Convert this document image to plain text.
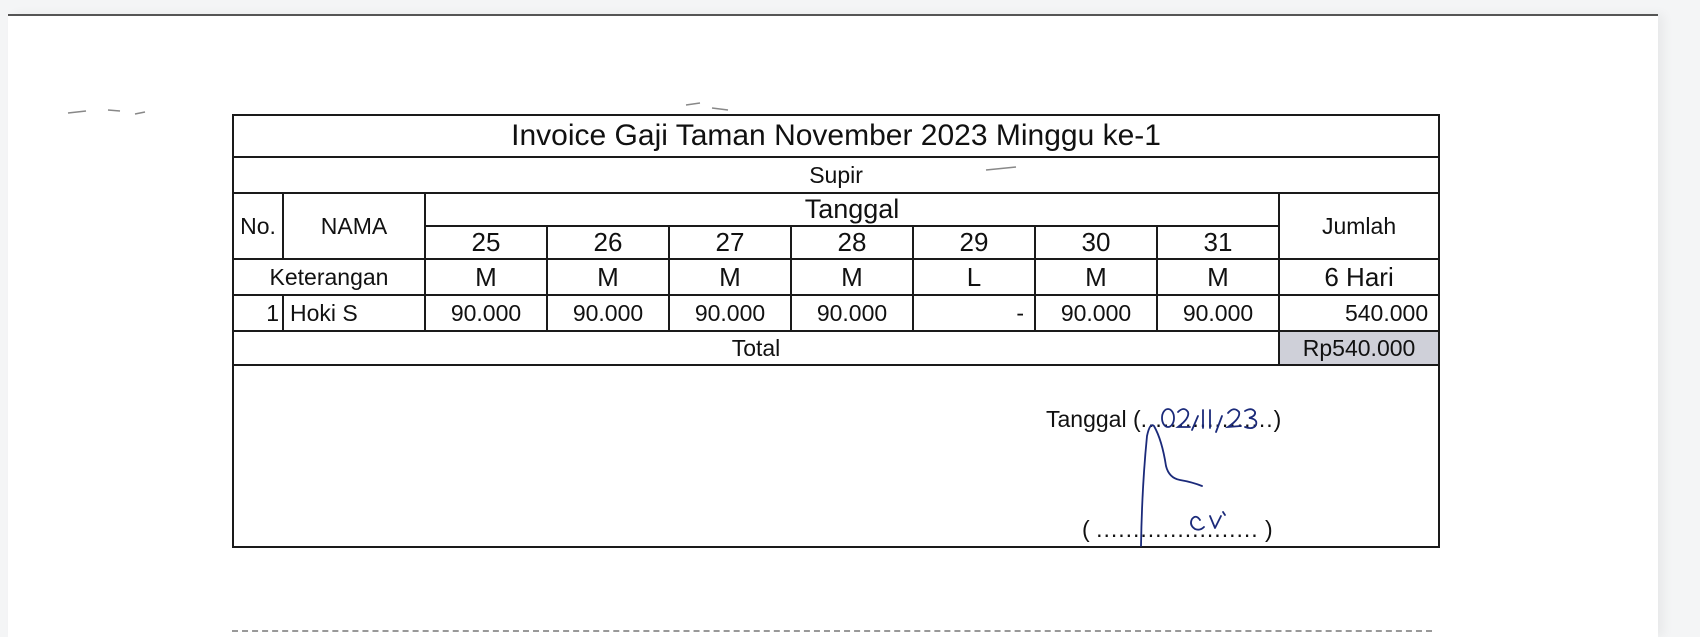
Invoice Gaji Taman November 2023 Minggu ke-1									
Supir									
No.	NAMA	Tanggal							Jumlah
		25	26	27	28	29	30	31	
Keterangan		M	M	M	M	L	M	M	6 Hari
1	Hoki S	90.000	90.000	90.000	90.000	-	90.000	90.000	540.000
Total									Rp540.000
Tanggal (..................)
( ...................... )
